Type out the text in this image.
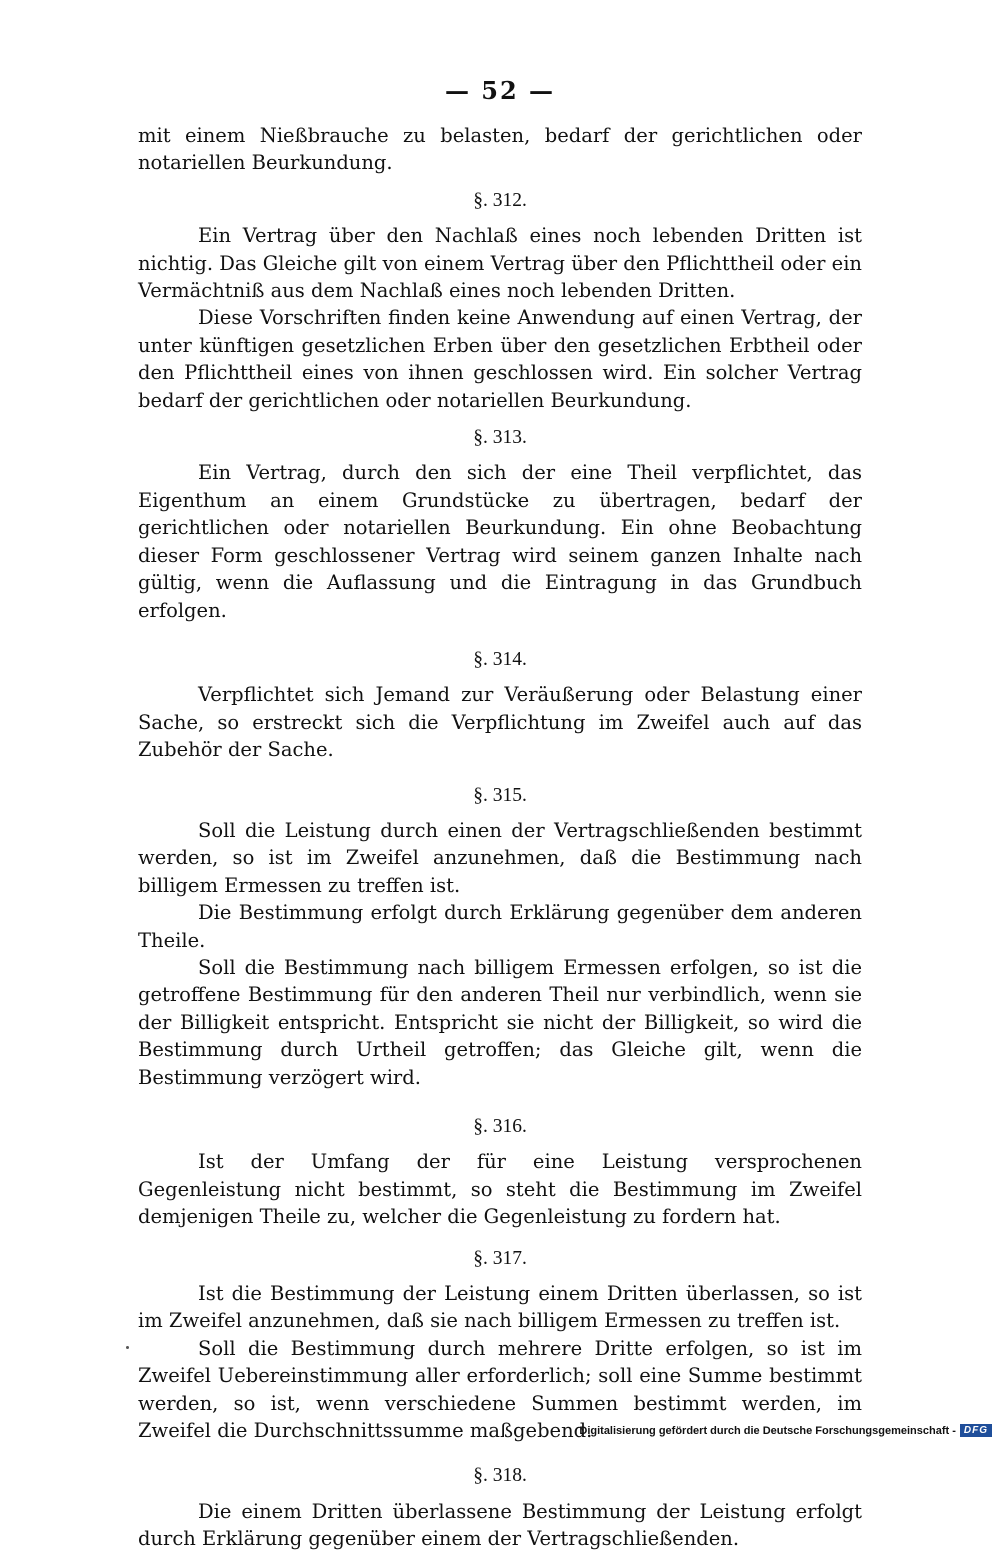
— 52 —

mit einem Nießbrauche zu belasten, bedarf der gerichtlichen oder notariellen Beurkundung.

§. 312.

Ein Vertrag über den Nachlaß eines noch lebenden Dritten ist nichtig. Das Gleiche gilt von einem Vertrag über den Pflichttheil oder ein Vermächtniß aus dem Nachlaß eines noch lebenden Dritten.

Diese Vorschriften finden keine Anwendung auf einen Vertrag, der unter künftigen gesetzlichen Erben über den gesetzlichen Erbtheil oder den Pflichttheil eines von ihnen geschlossen wird. Ein solcher Vertrag bedarf der gerichtlichen oder notariellen Beurkundung.

§. 313.

Ein Vertrag, durch den sich der eine Theil verpflichtet, das Eigenthum an einem Grundstücke zu übertragen, bedarf der gerichtlichen oder notariellen Beurkundung. Ein ohne Beobachtung dieser Form geschlossener Vertrag wird seinem ganzen Inhalte nach gültig, wenn die Auflassung und die Eintragung in das Grundbuch erfolgen.

§. 314.

Verpflichtet sich Jemand zur Veräußerung oder Belastung einer Sache, so erstreckt sich die Verpflichtung im Zweifel auch auf das Zubehör der Sache.

§. 315.

Soll die Leistung durch einen der Vertragschließenden bestimmt werden, so ist im Zweifel anzunehmen, daß die Bestimmung nach billigem Ermessen zu treffen ist.

Die Bestimmung erfolgt durch Erklärung gegenüber dem anderen Theile.

Soll die Bestimmung nach billigem Ermessen erfolgen, so ist die getroffene Bestimmung für den anderen Theil nur verbindlich, wenn sie der Billigkeit entspricht. Entspricht sie nicht der Billigkeit, so wird die Bestimmung durch Urtheil getroffen; das Gleiche gilt, wenn die Bestimmung verzögert wird.

§. 316.

Ist der Umfang der für eine Leistung versprochenen Gegenleistung nicht bestimmt, so steht die Bestimmung im Zweifel demjenigen Theile zu, welcher die Gegenleistung zu fordern hat.

§. 317.

Ist die Bestimmung der Leistung einem Dritten überlassen, so ist im Zweifel anzunehmen, daß sie nach billigem Ermessen zu treffen ist.

Soll die Bestimmung durch mehrere Dritte erfolgen, so ist im Zweifel Uebereinstimmung aller erforderlich; soll eine Summe bestimmt werden, so ist, wenn verschiedene Summen bestimmt werden, im Zweifel die Durchschnittssumme maßgebend.

§. 318.

Die einem Dritten überlassene Bestimmung der Leistung erfolgt durch Erklärung gegenüber einem der Vertragschließenden.

Digitalisierung gefördert durch die Deutsche Forschungsgemeinschaft - DFG
